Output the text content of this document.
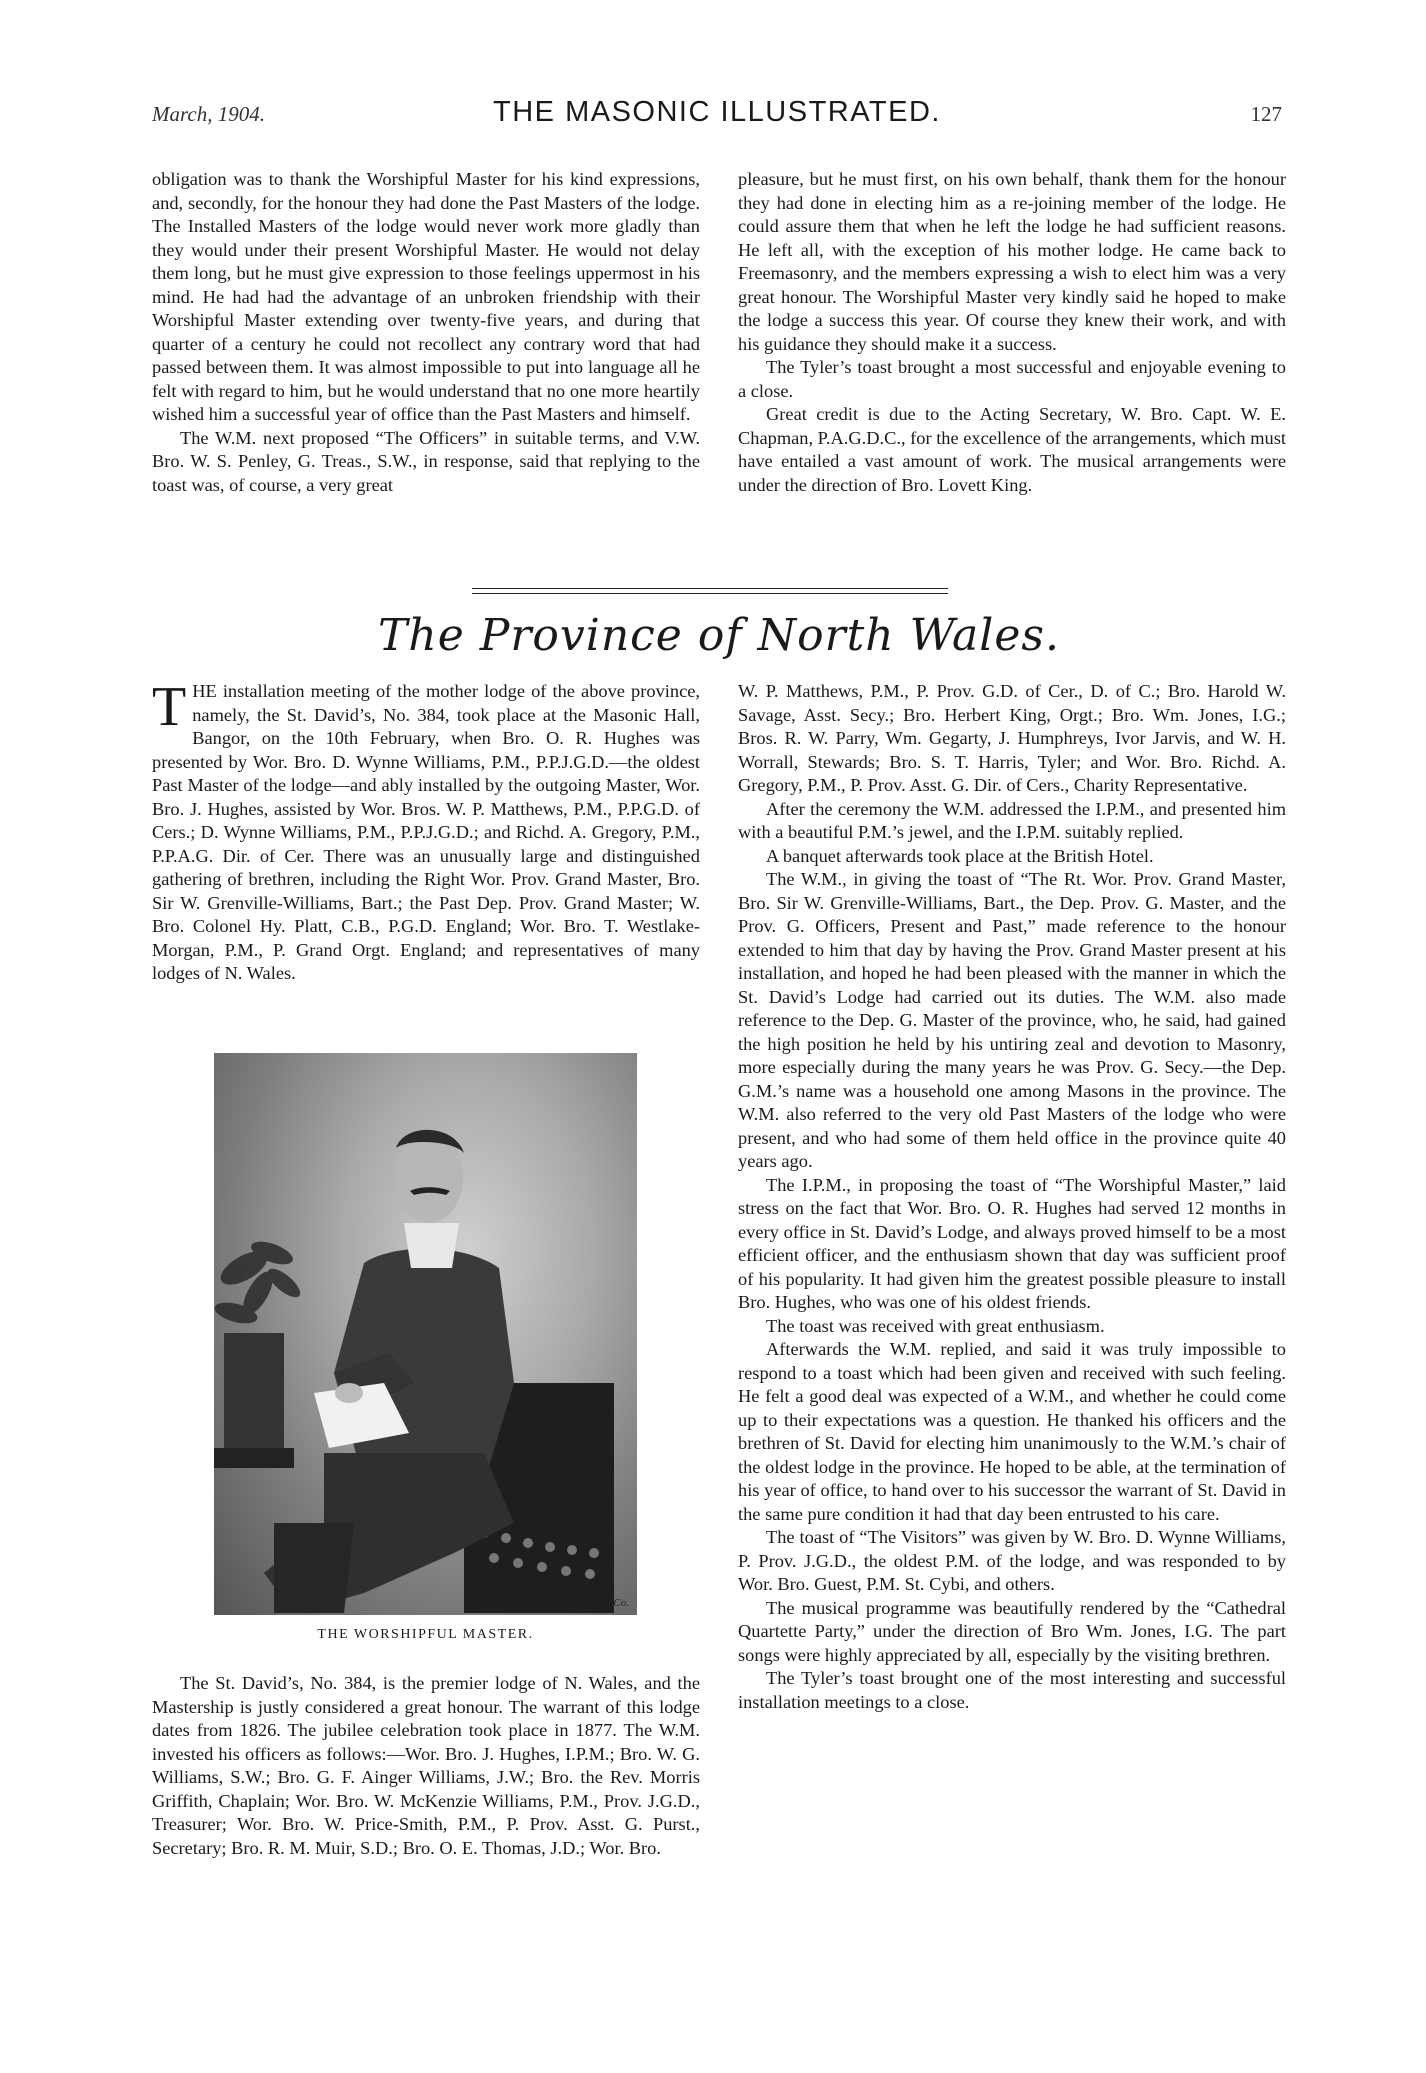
March, 1904.	THE MASONIC ILLUSTRATED.	127

obligation was to thank the Worshipful Master for his kind expressions, and, secondly, for the honour they had done the Past Masters of the lodge. The Installed Masters of the lodge would never work more gladly than they would under their present Worshipful Master. He would not delay them long, but he must give expression to those feelings uppermost in his mind. He had had the advantage of an unbroken friendship with their Worshipful Master extending over twenty-five years, and during that quarter of a century he could not recollect any contrary word that had passed between them. It was almost impossible to put into language all he felt with regard to him, but he would understand that no one more heartily wished him a successful year of office than the Past Masters and himself.

The W.M. next proposed “The Officers” in suitable terms, and V.W. Bro. W. S. Penley, G. Treas., S.W., in response, said that replying to the toast was, of course, a very great

pleasure, but he must first, on his own behalf, thank them for the honour they had done in electing him as a re-joining member of the lodge. He could assure them that when he left the lodge he had sufficient reasons. He left all, with the exception of his mother lodge. He came back to Freemasonry, and the members expressing a wish to elect him was a very great honour. The Worshipful Master very kindly said he hoped to make the lodge a success this year. Of course they knew their work, and with his guidance they should make it a success.

The Tyler’s toast brought a most successful and enjoyable evening to a close.

Great credit is due to the Acting Secretary, W. Bro. Capt. W. E. Chapman, P.A.G.D.C., for the excellence of the arrangements, which must have entailed a vast amount of work. The musical arrangements were under the direction of Bro. Lovett King.

The Province of North Wales.

THE installation meeting of the mother lodge of the above province, namely, the St. David’s, No. 384, took place at the Masonic Hall, Bangor, on the 10th February, when Bro. O. R. Hughes was presented by Wor. Bro. D. Wynne Williams, P.M., P.P.J.G.D.—the oldest Past Master of the lodge—and ably installed by the outgoing Master, Wor. Bro. J. Hughes, assisted by Wor. Bros. W. P. Matthews, P.M., P.P.G.D. of Cers.; D. Wynne Williams, P.M., P.P.J.G.D.; and Richd. A. Gregory, P.M., P.P.A.G. Dir. of Cer. There was an unusually large and distinguished gathering of brethren, including the Right Wor. Prov. Grand Master, Bro. Sir W. Grenville-Williams, Bart.; the Past Dep. Prov. Grand Master; W. Bro. Colonel Hy. Platt, C.B., P.G.D. England; Wor. Bro. T. Westlake-Morgan, P.M., P. Grand Orgt. England; and representatives of many lodges of N. Wales.

Bear Engr.Co.
THE WORSHIPFUL MASTER.

The St. David’s, No. 384, is the premier lodge of N. Wales, and the Mastership is justly considered a great honour. The warrant of this lodge dates from 1826. The jubilee celebration took place in 1877. The W.M. invested his officers as follows:—Wor. Bro. J. Hughes, I.P.M.; Bro. W. G. Williams, S.W.; Bro. G. F. Ainger Williams, J.W.; Bro. the Rev. Morris Griffith, Chaplain; Wor. Bro. W. McKenzie Williams, P.M., Prov. J.G.D., Treasurer; Wor. Bro. W. Price-Smith, P.M., P. Prov. Asst. G. Purst., Secretary; Bro. R. M. Muir, S.D.; Bro. O. E. Thomas, J.D.; Wor. Bro.

W. P. Matthews, P.M., P. Prov. G.D. of Cer., D. of C.; Bro. Harold W. Savage, Asst. Secy.; Bro. Herbert King, Orgt.; Bro. Wm. Jones, I.G.; Bros. R. W. Parry, Wm. Gegarty, J. Humphreys, Ivor Jarvis, and W. H. Worrall, Stewards; Bro. S. T. Harris, Tyler; and Wor. Bro. Richd. A. Gregory, P.M., P. Prov. Asst. G. Dir. of Cers., Charity Representative.

After the ceremony the W.M. addressed the I.P.M., and presented him with a beautiful P.M.’s jewel, and the I.P.M. suitably replied.

A banquet afterwards took place at the British Hotel.

The W.M., in giving the toast of “The Rt. Wor. Prov. Grand Master, Bro. Sir W. Grenville-Williams, Bart., the Dep. Prov. G. Master, and the Prov. G. Officers, Present and Past,” made reference to the honour extended to him that day by having the Prov. Grand Master present at his installation, and hoped he had been pleased with the manner in which the St. David’s Lodge had carried out its duties. The W.M. also made reference to the Dep. G. Master of the province, who, he said, had gained the high position he held by his untiring zeal and devotion to Masonry, more especially during the many years he was Prov. G. Secy.—the Dep. G.M.’s name was a household one among Masons in the province. The W.M. also referred to the very old Past Masters of the lodge who were present, and who had some of them held office in the province quite 40 years ago.

The I.P.M., in proposing the toast of “The Worshipful Master,” laid stress on the fact that Wor. Bro. O. R. Hughes had served 12 months in every office in St. David’s Lodge, and always proved himself to be a most efficient officer, and the enthusiasm shown that day was sufficient proof of his popularity. It had given him the greatest possible pleasure to install Bro. Hughes, who was one of his oldest friends.

The toast was received with great enthusiasm.

Afterwards the W.M. replied, and said it was truly impossible to respond to a toast which had been given and received with such feeling. He felt a good deal was expected of a W.M., and whether he could come up to their expectations was a question. He thanked his officers and the brethren of St. David for electing him unanimously to the W.M.’s chair of the oldest lodge in the province. He hoped to be able, at the termination of his year of office, to hand over to his successor the warrant of St. David in the same pure condition it had that day been entrusted to his care.

The toast of “The Visitors” was given by W. Bro. D. Wynne Williams, P. Prov. J.G.D., the oldest P.M. of the lodge, and was responded to by Wor. Bro. Guest, P.M. St. Cybi, and others.

The musical programme was beautifully rendered by the “Cathedral Quartette Party,” under the direction of Bro Wm. Jones, I.G. The part songs were highly appreciated by all, especially by the visiting brethren.

The Tyler’s toast brought one of the most interesting and successful installation meetings to a close.
